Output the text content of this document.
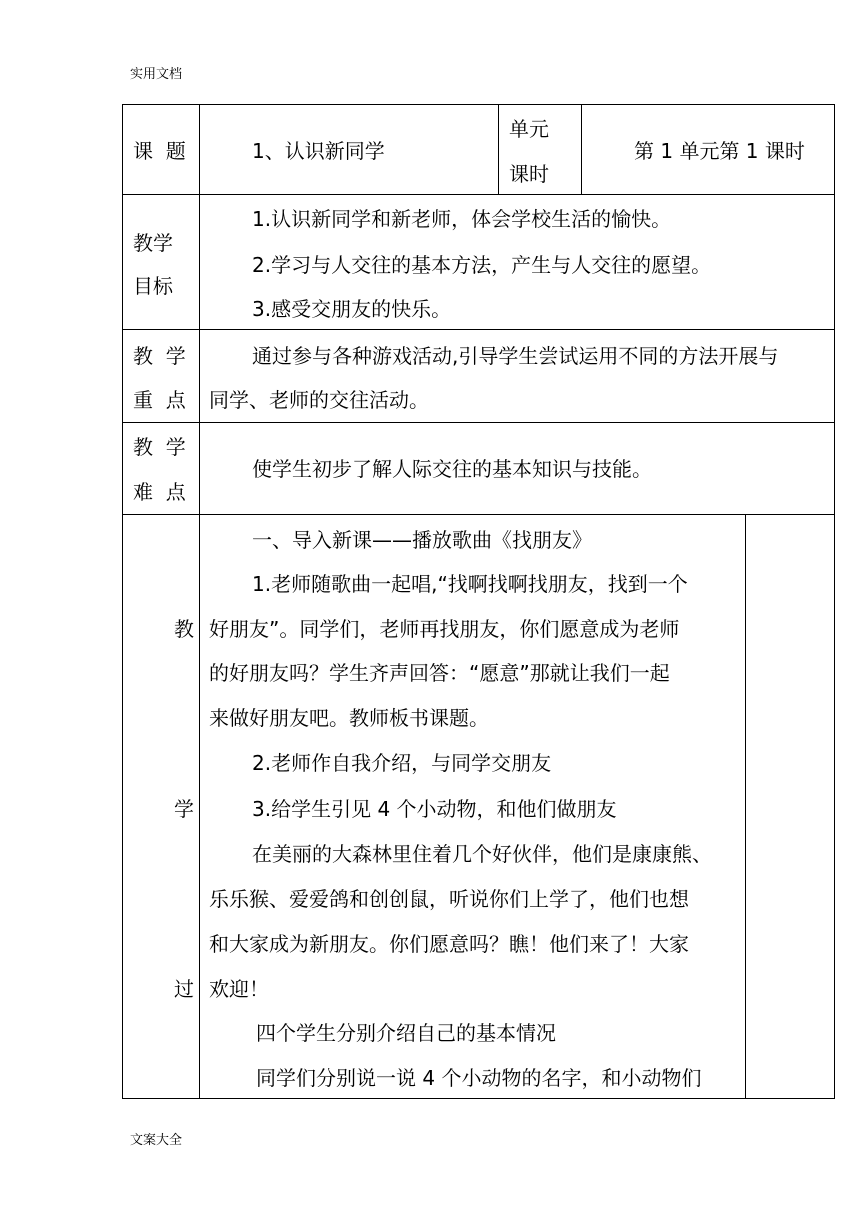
实用文档
课  题	1、认识新同学
单元
课时
第 1 单元第 1 课时
教学
目标
1.认识新同学和新老师，体会学校生活的愉快。
2.学习与人交往的基本方法，产生与人交往的愿望。
3.感受交朋友的快乐。
教  学
重  点
通过参与各种游戏活动,引导学生尝试运用不同的方法开展与
同学、老师的交往活动。
教  学
难  点
使学生初步了解人际交往的基本知识与技能。
教
学
过
一、导入新课——播放歌曲《找朋友》
1.老师随歌曲一起唱,“找啊找啊找朋友，找到一个
好朋友”。同学们，老师再找朋友，你们愿意成为老师
的好朋友吗？学生齐声回答：“愿意”那就让我们一起
来做好朋友吧。教师板书课题。
2.老师作自我介绍，与同学交朋友
3.给学生引见 4 个小动物，和他们做朋友
在美丽的大森林里住着几个好伙伴，他们是康康熊、
乐乐猴、爱爱鸽和创创鼠，听说你们上学了，他们也想
和大家成为新朋友。你们愿意吗？瞧！他们来了！大家
欢迎！
四个学生分别介绍自己的基本情况
同学们分别说一说 4 个小动物的名字，和小动物们
文案大全
